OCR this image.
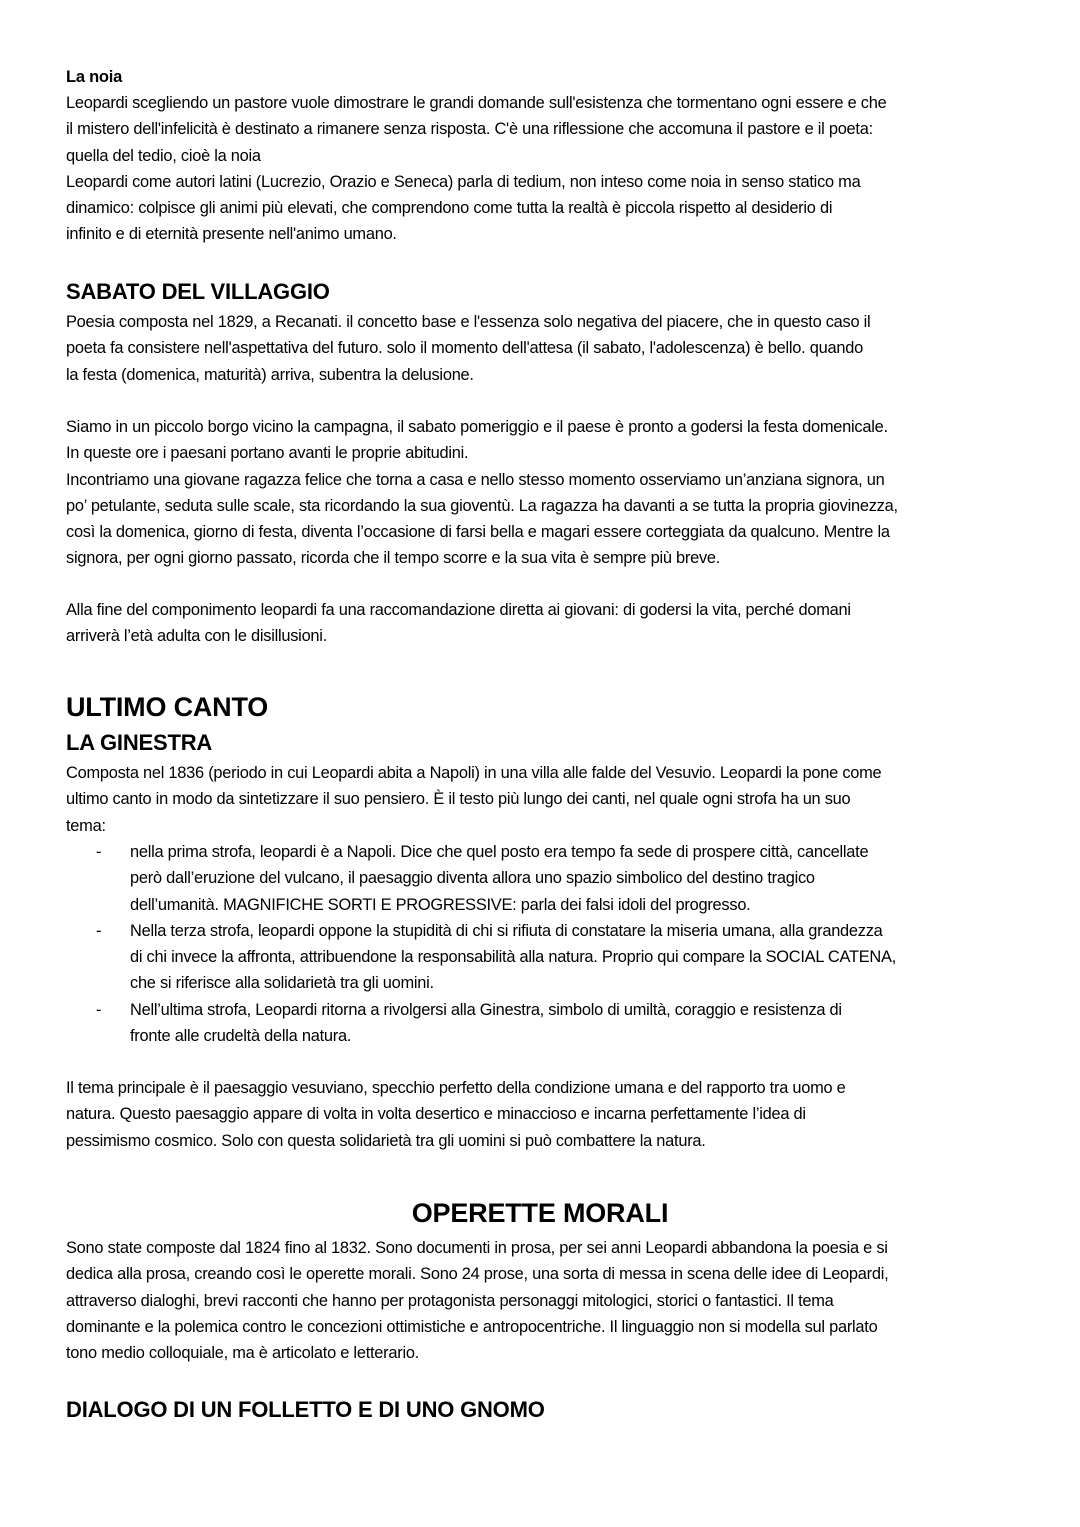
La noia
Leopardi scegliendo un pastore vuole dimostrare le grandi domande sull'esistenza che tormentano ogni essere e che
il mistero dell'infelicità è destinato a rimanere senza risposta. C'è una riflessione che accomuna il pastore e il poeta:
quella del tedio, cioè la noia
Leopardi come autori latini (Lucrezio, Orazio e Seneca) parla di tedium, non inteso come noia in senso statico ma
dinamico: colpisce gli animi più elevati, che comprendono come tutta la realtà è piccola rispetto al desiderio di
infinito e di eternità presente nell'animo umano.
SABATO DEL VILLAGGIO
Poesia composta nel 1829, a Recanati. il concetto base e l'essenza solo negativa del piacere, che in questo caso il
poeta fa consistere nell'aspettativa del futuro. solo il momento dell'attesa (il sabato, l'adolescenza) è bello. quando
la festa (domenica, maturità) arriva, subentra la delusione.
Siamo in un piccolo borgo vicino la campagna, il sabato pomeriggio e il paese è pronto a godersi la festa domenicale.
In queste ore i paesani portano avanti le proprie abitudini.
Incontriamo una giovane ragazza felice che torna a casa e nello stesso momento osserviamo un’anziana signora, un
po’ petulante, seduta sulle scale, sta ricordando la sua gioventù. La ragazza ha davanti a se tutta la propria giovinezza,
così la domenica, giorno di festa, diventa l’occasione di farsi bella e magari essere corteggiata da qualcuno. Mentre la
signora, per ogni giorno passato, ricorda che il tempo scorre e la sua vita è sempre più breve.
Alla fine del componimento leopardi fa una raccomandazione diretta ai giovani: di godersi la vita, perché domani
arriverà l’età adulta con le disillusioni.
ULTIMO CANTO
LA GINESTRA
Composta nel 1836 (periodo in cui Leopardi abita a Napoli) in una villa alle falde del Vesuvio. Leopardi la pone come
ultimo canto in modo da sintetizzare il suo pensiero. È il testo più lungo dei canti, nel quale ogni strofa ha un suo
tema:
- nella prima strofa, leopardi è a Napoli. Dice che quel posto era tempo fa sede di prospere città, cancellate
però dall’eruzione del vulcano, il paesaggio diventa allora uno spazio simbolico del destino tragico
dell’umanità. MAGNIFICHE SORTI E PROGRESSIVE: parla dei falsi idoli del progresso.
- Nella terza strofa, leopardi oppone la stupidità di chi si rifiuta di constatare la miseria umana, alla grandezza
di chi invece la affronta, attribuendone la responsabilità alla natura. Proprio qui compare la SOCIAL CATENA,
che si riferisce alla solidarietà tra gli uomini.
- Nell’ultima strofa, Leopardi ritorna a rivolgersi alla Ginestra, simbolo di umiltà, coraggio e resistenza di
fronte alle crudeltà della natura.
Il tema principale è il paesaggio vesuviano, specchio perfetto della condizione umana e del rapporto tra uomo e
natura. Questo paesaggio appare di volta in volta desertico e minaccioso e incarna perfettamente l’idea di
pessimismo cosmico. Solo con questa solidarietà tra gli uomini si può combattere la natura.
OPERETTE MORALI
Sono state composte dal 1824 fino al 1832. Sono documenti in prosa, per sei anni Leopardi abbandona la poesia e si
dedica alla prosa, creando così le operette morali. Sono 24 prose, una sorta di messa in scena delle idee di Leopardi,
attraverso dialoghi, brevi racconti che hanno per protagonista personaggi mitologici, storici o fantastici. Il tema
dominante e la polemica contro le concezioni ottimistiche e antropocentriche. Il linguaggio non si modella sul parlato
tono medio colloquiale, ma è articolato e letterario.
DIALOGO DI UN FOLLETTO E DI UNO GNOMO
